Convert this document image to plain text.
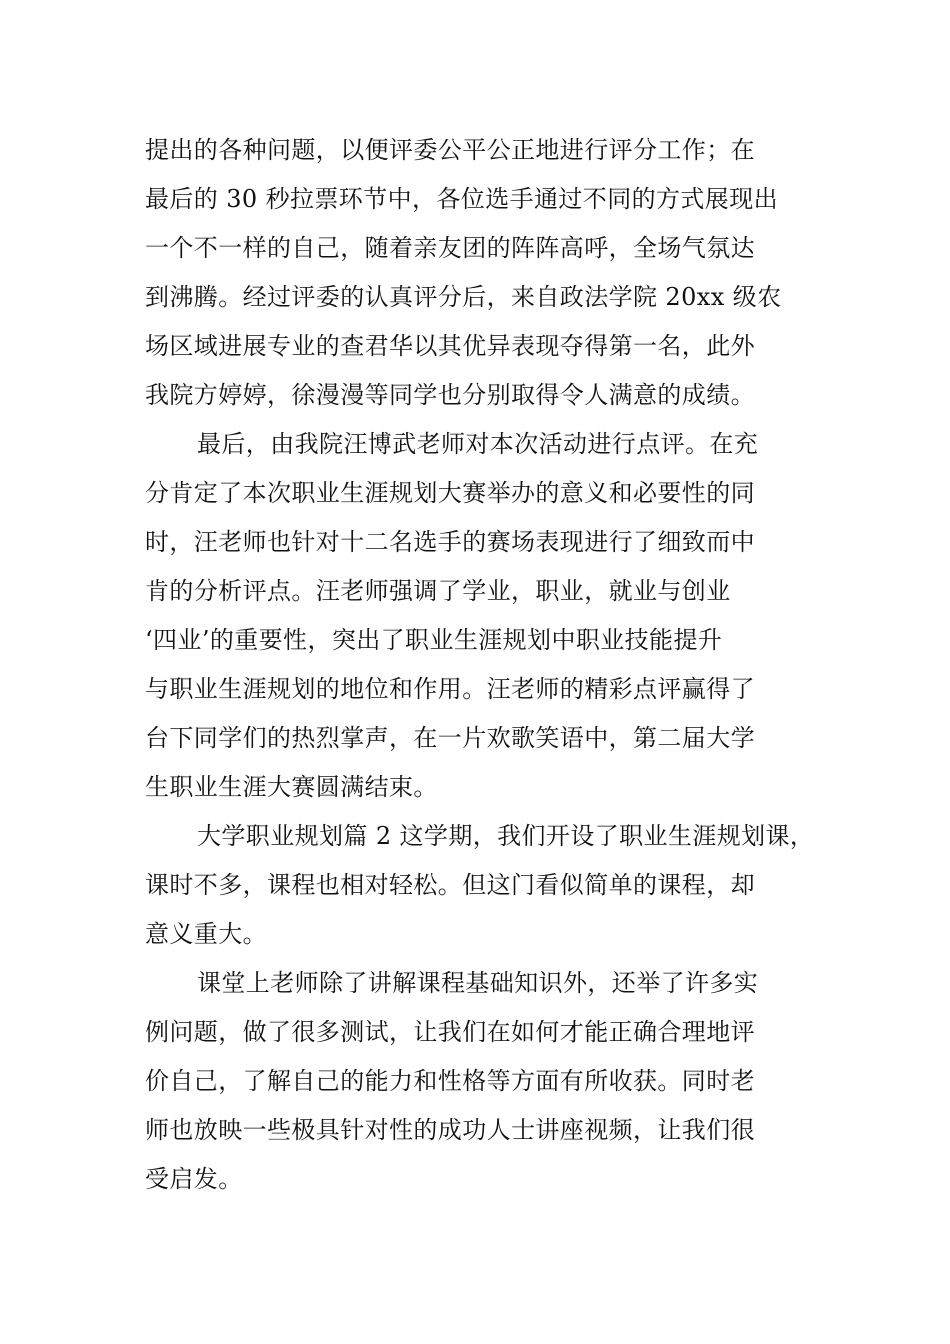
提出的各种问题，以便评委公平公正地进行评分工作；在
最后的 30 秒拉票环节中，各位选手通过不同的方式展现出
一个不一样的自己，随着亲友团的阵阵高呼，全场气氛达
到沸腾。经过评委的认真评分后，来自政法学院 20xx 级农
场区域进展专业的查君华以其优异表现夺得第一名，此外
我院方婷婷，徐漫漫等同学也分别取得令人满意的成绩。
最后，由我院汪博武老师对本次活动进行点评。在充
分肯定了本次职业生涯规划大赛举办的意义和必要性的同
时，汪老师也针对十二名选手的赛场表现进行了细致而中
肯的分析评点。汪老师强调了学业，职业，就业与创业
‘四业’的重要性，突出了职业生涯规划中职业技能提升
与职业生涯规划的地位和作用。汪老师的精彩点评赢得了
台下同学们的热烈掌声，在一片欢歌笑语中，第二届大学
生职业生涯大赛圆满结束。
大学职业规划篇 2 这学期，我们开设了职业生涯规划课，
课时不多，课程也相对轻松。但这门看似简单的课程，却
意义重大。
课堂上老师除了讲解课程基础知识外，还举了许多实
例问题，做了很多测试，让我们在如何才能正确合理地评
价自己，了解自己的能力和性格等方面有所收获。同时老
师也放映一些极具针对性的成功人士讲座视频，让我们很
受启发。
